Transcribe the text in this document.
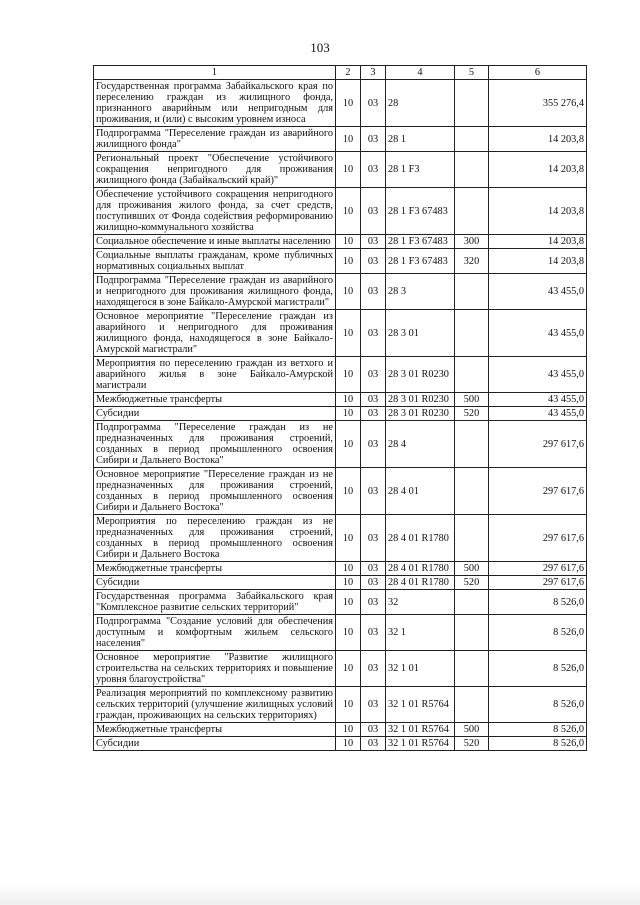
103
1	2	3	4	5	6
Государственная программа Забайкальского края по переселению граждан из жилищного фонда, признанного аварийным или непригодным для проживания, и (или) с высоким уровнем износа	10	03	28		355 276,4
Подпрограмма "Переселение граждан из аварийного жилищного фонда"	10	03	28 1		14 203,8
Региональный проект "Обеспечение устойчивого сокращения непригодного для проживания жилищного фонда (Забайкальский край)"	10	03	28 1 F3		14 203,8
Обеспечение устойчивого сокращения непригодного для проживания жилого фонда, за счет средств, поступивших от Фонда содействия реформированию жилищно-коммунального хозяйства	10	03	28 1 F3 67483		14 203,8
Социальное обеспечение и иные выплаты населению	10	03	28 1 F3 67483	300	14 203,8
Социальные выплаты гражданам, кроме публичных нормативных социальных выплат	10	03	28 1 F3 67483	320	14 203,8
Подпрограмма "Переселение граждан из аварийного и непригодного для проживания жилищного фонда, находящегося в зоне Байкало-Амурской магистрали"	10	03	28 3		43 455,0
Основное мероприятие "Переселение граждан из аварийного и непригодного для проживания жилищного фонда, находящегося в зоне Байкало-Амурской магистрали"	10	03	28 3 01		43 455,0
Мероприятия по переселению граждан из ветхого и аварийного жилья в зоне Байкало-Амурской магистрали	10	03	28 3 01 R0230		43 455,0
Межбюджетные трансферты	10	03	28 3 01 R0230	500	43 455,0
Субсидии	10	03	28 3 01 R0230	520	43 455,0
Подпрограмма "Переселение граждан из не предназначенных для проживания строений, созданных в период промышленного освоения Сибири и Дальнего Востока"	10	03	28 4		297 617,6
Основное мероприятие "Переселение граждан из не предназначенных для проживания строений, созданных в период промышленного освоения Сибири и Дальнего Востока"	10	03	28 4 01		297 617,6
Мероприятия по переселению граждан из не предназначенных для проживания строений, созданных в период промышленного освоения Сибири и Дальнего Востока	10	03	28 4 01 R1780		297 617,6
Межбюджетные трансферты	10	03	28 4 01 R1780	500	297 617,6
Субсидии	10	03	28 4 01 R1780	520	297 617,6
Государственная программа Забайкальского края "Комплексное развитие сельских территорий"	10	03	32		8 526,0
Подпрограмма "Создание условий для обеспечения доступным и комфортным жильем сельского населения"	10	03	32 1		8 526,0
Основное мероприятие "Развитие жилищного строительства на сельских территориях и повышение уровня благоустройства"	10	03	32 1 01		8 526,0
Реализация мероприятий по комплексному развитию сельских территорий (улучшение жилищных условий граждан, проживающих на сельских территориях)	10	03	32 1 01 R5764		8 526,0
Межбюджетные трансферты	10	03	32 1 01 R5764	500	8 526,0
Субсидии	10	03	32 1 01 R5764	520	8 526,0
